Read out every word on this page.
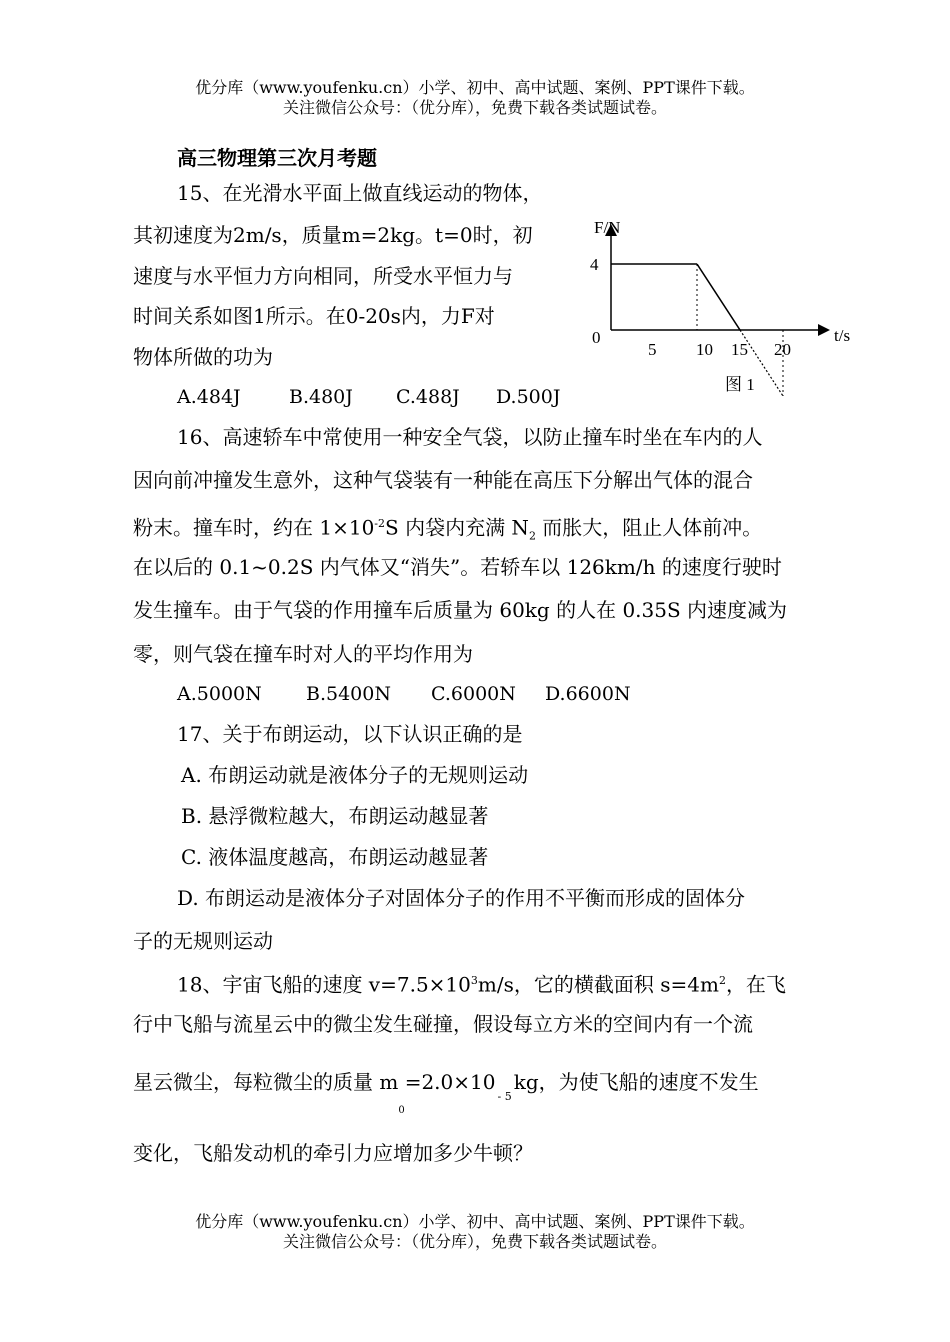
优分库（www.youfenku.cn）小学、初中、高中试题、案例、PPT课件下载。
关注微信公众号：（优分库），免费下载各类试题试卷。
高三物理第三次月考题
15、在光滑水平面上做直线运动的物体，
其初速度为2m/s，质量m=2kg。t=0时，初
速度与水平恒力方向相同，所受水平恒力与
时间关系如图1所示。在0-20s内，力F对
物体所做的功为
A.484J	B.480J C.488J D.500J
4
5 10 15 20
F/N
t/s
0
图 1
16、高速轿车中常使用一种安全气袋，以防止撞车时坐在车内的人
因向前冲撞发生意外，这种气袋装有一种能在高压下分解出气体的混合
粉末。撞车时，约在 $1\times 10^{-2}S$ 内袋内充满 $N_2$ 而胀大，阻止人体前冲。
在以后的 0.1~0.2S 内气体又“消失”。若轿车以 126km/h 的速度行驶时
发生撞车。由于气袋的作用撞车后质量为 60kg 的人在 0.35S 内速度减为
零，则气袋在撞车时对人的平均作用为
A.5000N B.5400N C.6000N D.6600N
17、关于布朗运动，以下认识正确的是
A. 布朗运动就是液体分子的无规则运动
B. 悬浮微粒越大，布朗运动越显著
C. 液体温度越高，布朗运动越显著
D. 布朗运动是液体分子对固体分子的作用不平衡而形成的固体分
子的无规则运动
18、宇宙飞船的速度 $v=7.5\times 10^3m/s$，它的横截面积 $s=4m^2$，在飞
行中飞船与流星云中的微尘发生碰撞，假设每立方米的空间内有一个流
星云微尘，每粒微尘的质量 $m_0=2.0\times 10_{- 5}kg$，为使飞船的速度不发生
变化，飞船发动机的牵引力应增加多少牛顿？
优分库（www.youfenku.cn）小学、初中、高中试题、案例、PPT课件下载。
关注微信公众号：（优分库），免费下载各类试题试卷。
